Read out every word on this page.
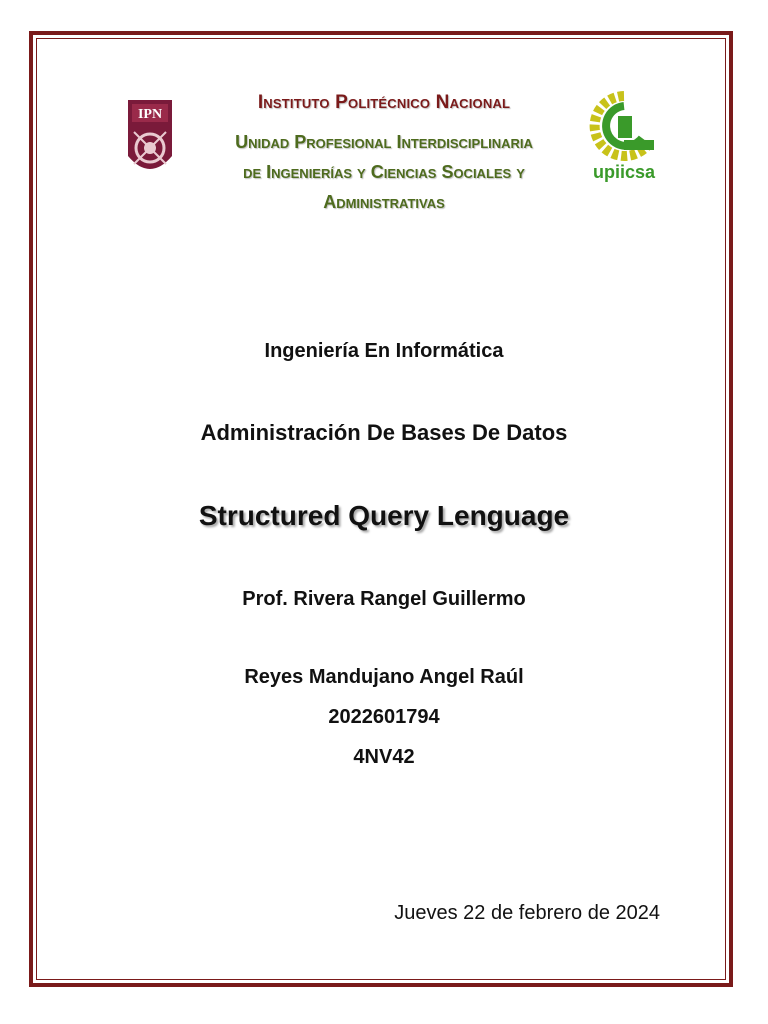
IPN
Instituto Politécnico Nacional
Unidad Profesional Interdisciplinaria
de Ingenierías y Ciencias Sociales y
Administrativas
upiicsa
Ingeniería En Informática
Administración De Bases De Datos
Structured Query Lenguage
Prof. Rivera Rangel Guillermo
Reyes Mandujano Angel Raúl
2022601794
4NV42
Jueves 22 de febrero de 2024
